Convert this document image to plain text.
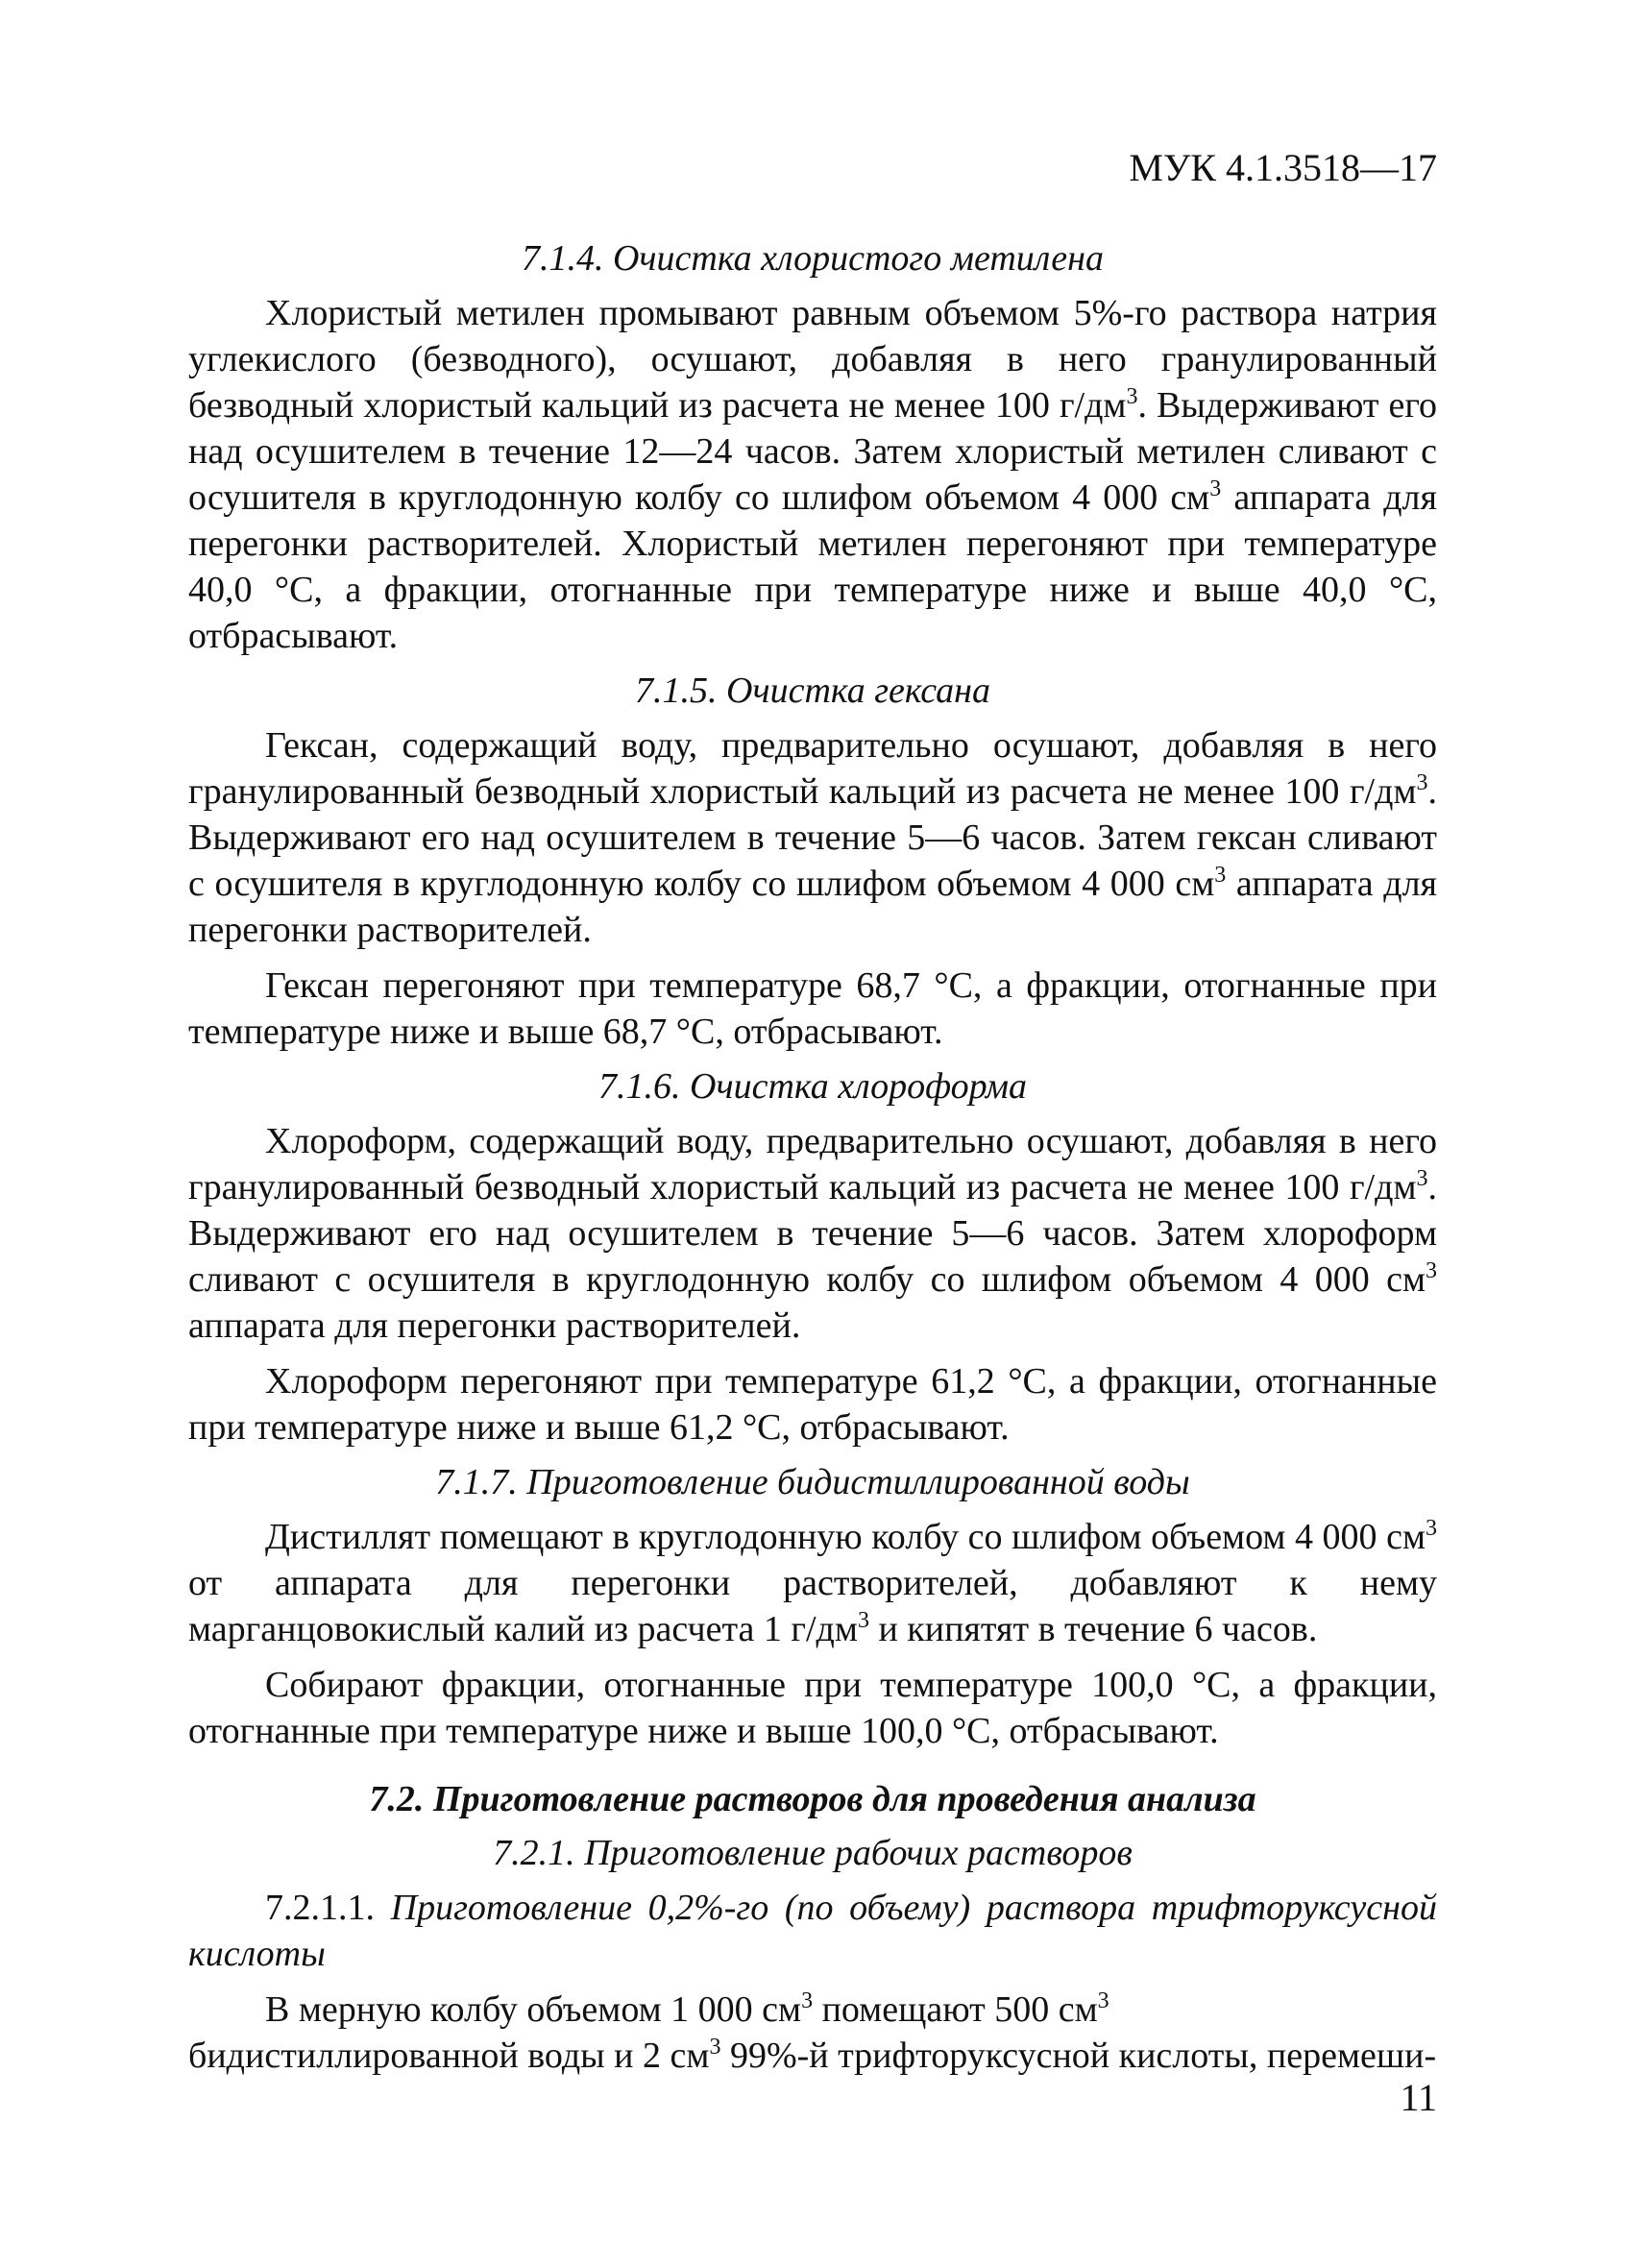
МУК 4.1.3518—17
7.1.4. Очистка хлористого метилена

Хлористый метилен промывают равным объемом 5%-го раствора натрия углекислого (безводного), осушают, добавляя в него гранулированный безводный хлористый кальций из расчета не менее 100 $г/дм^3$. Выдерживают его над осушителем в течение 12—24 часов. Затем хлористый метилен сливают с осушителя в круглодонную колбу со шлифом объемом 4 000 $см^3$ аппарата для перегонки растворителей. Хлористый метилен перегоняют при температуре 40,0 °С, а фракции, отогнанные при температуре ниже и выше 40,0 °С, отбрасывают.

7.1.5. Очистка гексана

Гексан, содержащий воду, предварительно осушают, добавляя в него гранулированный безводный хлористый кальций из расчета не менее 100 $г/дм^3$. Выдерживают его над осушителем в течение 5—6 часов. Затем гексан сливают с осушителя в круглодонную колбу со шлифом объемом 4 000 $см^3$ аппарата для перегонки растворителей.

Гексан перегоняют при температуре 68,7 °С, а фракции, отогнанные при температуре ниже и выше 68,7 °С, отбрасывают.

7.1.6. Очистка хлороформа

Хлороформ, содержащий воду, предварительно осушают, добавляя в него гранулированный безводный хлористый кальций из расчета не менее 100 $г/дм^3$. Выдерживают его над осушителем в течение 5—6 часов. Затем хлороформ сливают с осушителя в круглодонную колбу со шлифом объемом 4 000 $см^3$ аппарата для перегонки растворителей.

Хлороформ перегоняют при температуре 61,2 °С, а фракции, отогнанные при температуре ниже и выше 61,2 °С, отбрасывают.

7.1.7. Приготовление бидистиллированной воды

Дистиллят помещают в круглодонную колбу со шлифом объемом 4 000 $см^3$ от аппарата для перегонки растворителей, добавляют к нему марганцовокислый калий из расчета 1 $г/дм^3$ и кипятят в течение 6 часов.

Собирают фракции, отогнанные при температуре 100,0 °С, а фракции, отогнанные при температуре ниже и выше 100,0 °С, отбрасывают.

7.2. Приготовление растворов для проведения анализа
7.2.1. Приготовление рабочих растворов

7.2.1.1. Приготовление 0,2%-го (по объему) раствора трифторуксусной кислоты

В мерную колбу объемом 1 000 $см^3$ помещают 500 $см^3$ бидистиллированной воды и 2 $см^3$ 99%-й трифторуксусной кислоты, перемеши-

11
